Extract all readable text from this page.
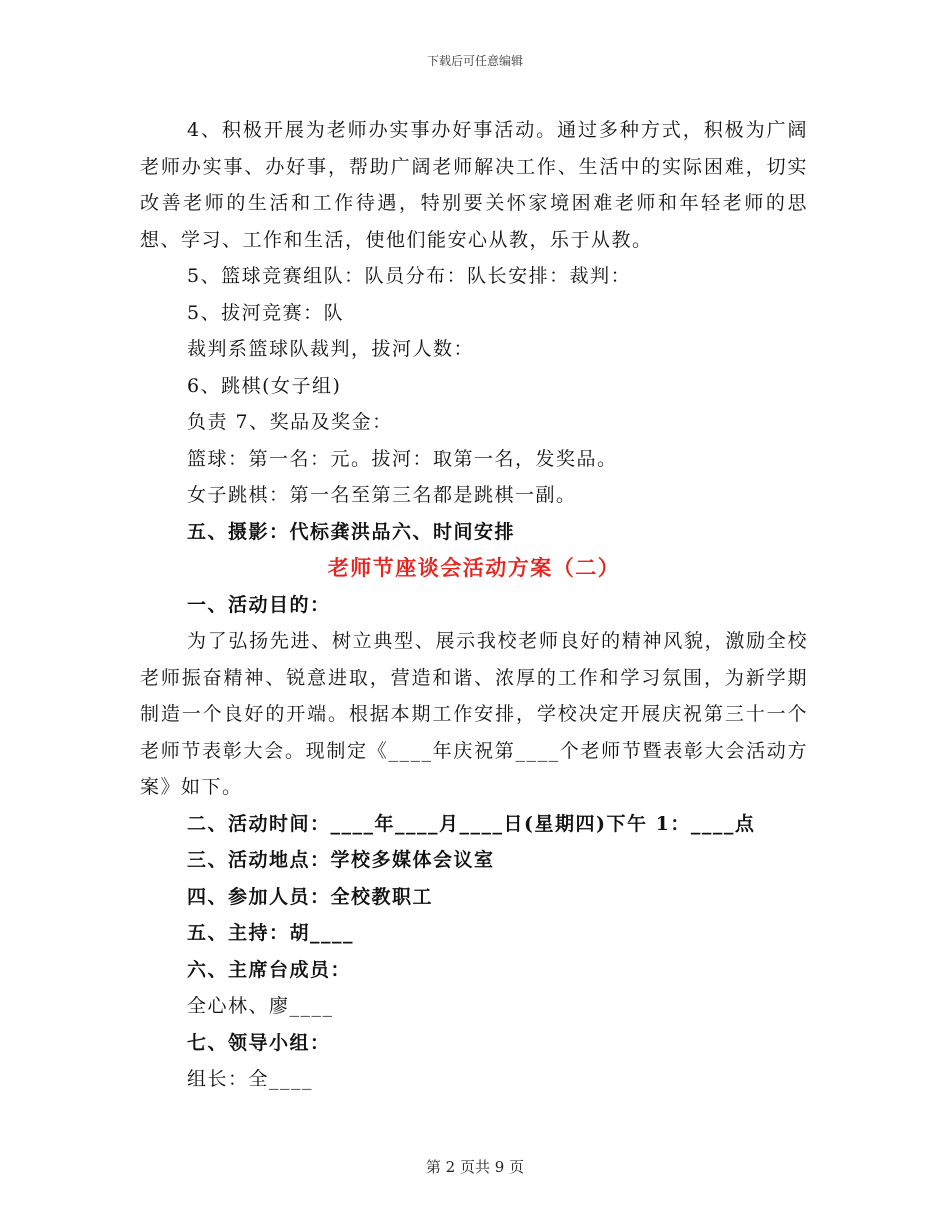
下载后可任意编辑

4、积极开展为老师办实事办好事活动。通过多种方式，积极为广阔老师办实事、办好事，帮助广阔老师解决工作、生活中的实际困难，切实改善老师的生活和工作待遇，特别要关怀家境困难老师和年轻老师的思想、学习、工作和生活，使他们能安心从教，乐于从教。

5、篮球竞赛组队：队员分布：队长安排：裁判：

5、拔河竞赛：队

裁判系篮球队裁判，拔河人数：

6、跳棋(女子组)

负责 7、奖品及奖金：

篮球：第一名：元。拔河：取第一名，发奖品。

女子跳棋：第一名至第三名都是跳棋一副。

五、摄影：代标龚洪品六、时间安排

老师节座谈会活动方案（二）

一、活动目的：

为了弘扬先进、树立典型、展示我校老师良好的精神风貌，激励全校老师振奋精神、锐意进取，营造和谐、浓厚的工作和学习氛围，为新学期制造一个良好的开端。根据本期工作安排，学校决定开展庆祝第三十一个老师节表彰大会。现制定《____年庆祝第____个老师节暨表彰大会活动方案》如下。

二、活动时间：____年____月____日(星期四)下午 1：____点

三、活动地点：学校多媒体会议室

四、参加人员：全校教职工

五、主持：胡____

六、主席台成员：

全心林、廖____

七、领导小组：

组长：全____

第 2 页共 9 页
